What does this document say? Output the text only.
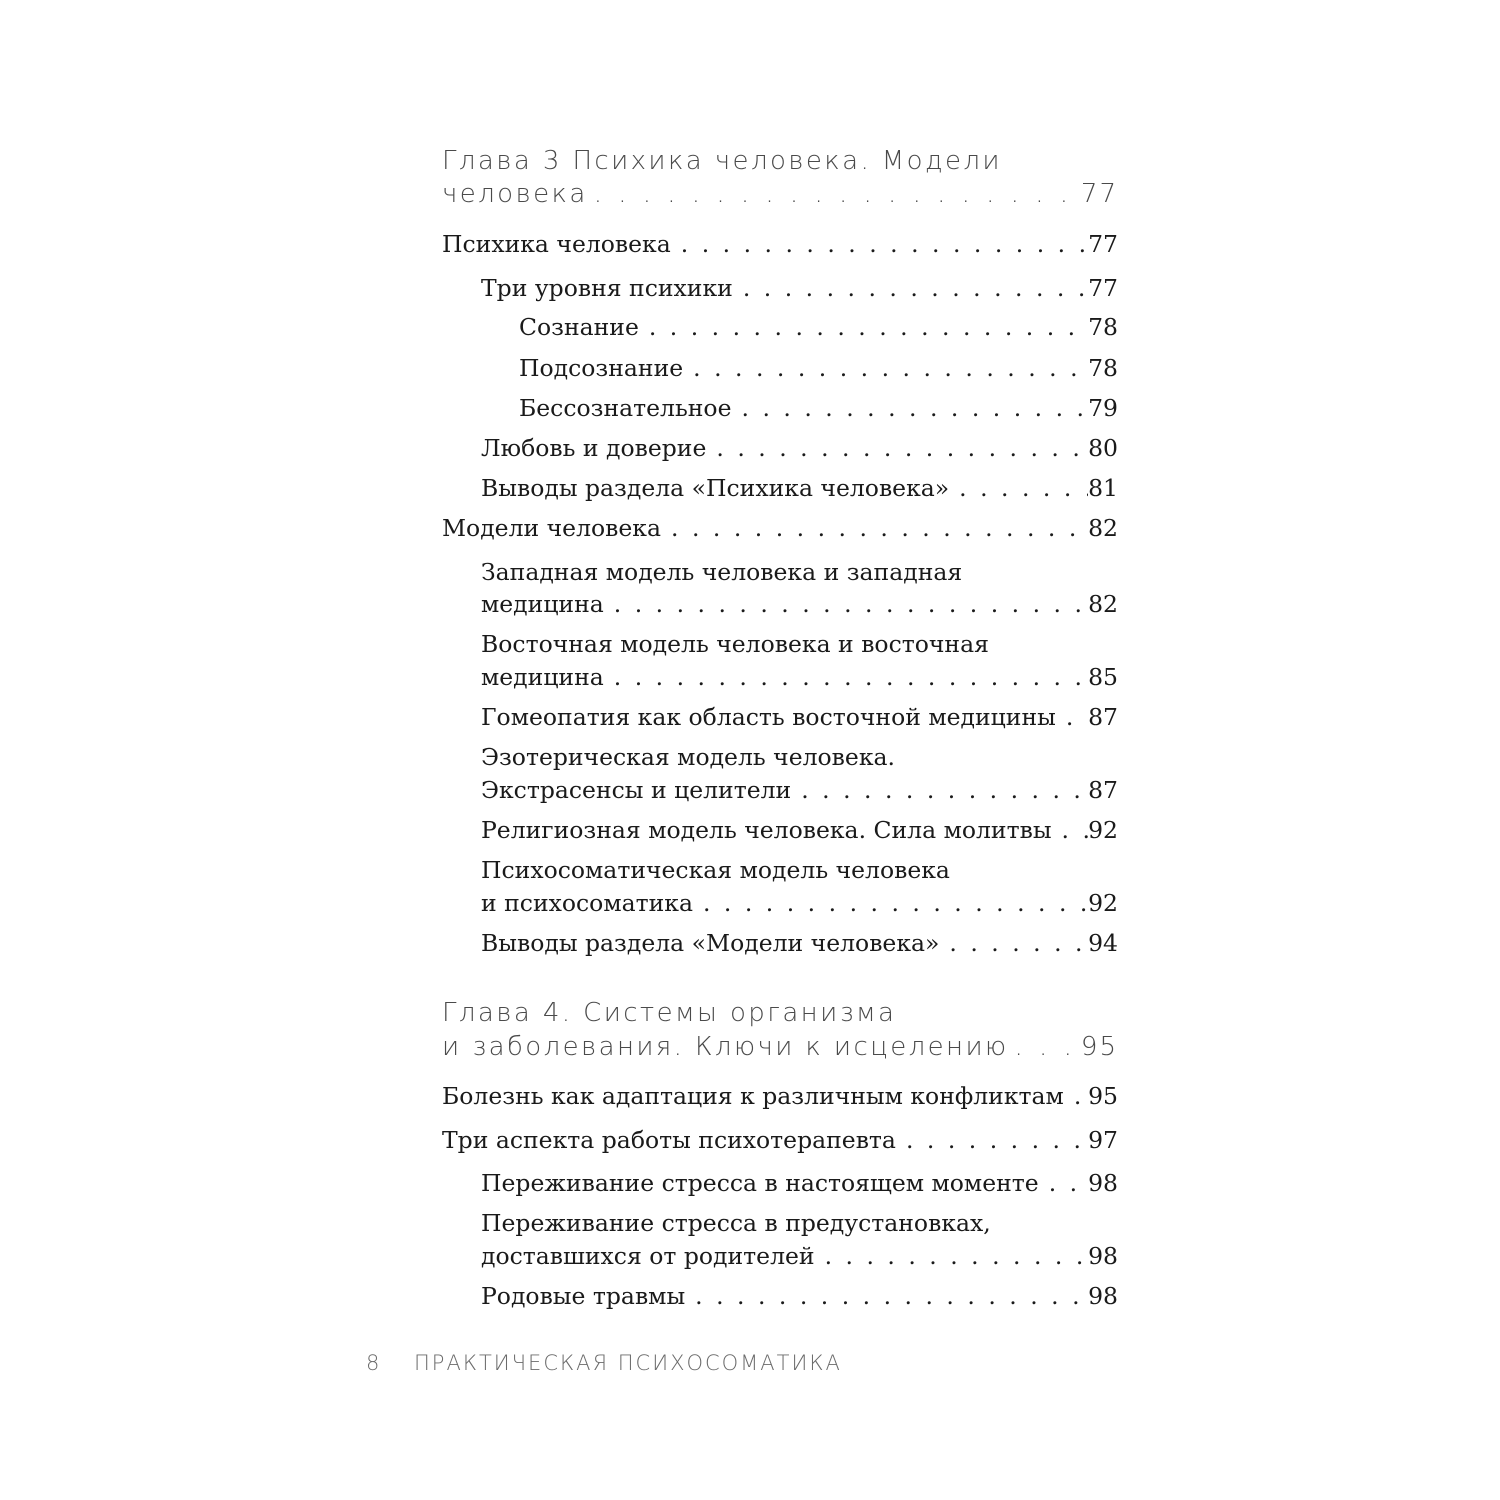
Глава 3 Психика человека. Модели
человека . . .	77
Психика человека . . .	77
Три уровня психики . . .	77
Сознание . . .	78
Подсознание . . .	78
Бессознательное . . .	79
Любовь и доверие . . .	80
Выводы раздела «Психика человека» . . .	81
Модели человека . . .	82
Западная модель человека и западная
медицина . . .	82
Восточная модель человека и восточная
медицина . . .	85
Гомеопатия как область восточной медицины . . . 87
Эзотерическая модель человека.
Экстрасенсы и целители . . .	87
Религиозная модель человека. Сила молитвы . . . 92
Психосоматическая модель человека
и психосоматика . . .	92
Выводы раздела «Модели человека» . . .	94
Глава 4. Системы организма
и заболевания. Ключи к исцелению . . .	95
Болезнь как адаптация к различным конфликтам . . . 95
Три аспекта работы психотерапевта . . .	97
Переживание стресса в настоящем моменте . . . 98
Переживание стресса в предустановках,
доставшихся от родителей . . .	98
Родовые травмы . . .	98
8 ПРАКТИЧЕСКАЯ ПСИХОСОМАТИКА
